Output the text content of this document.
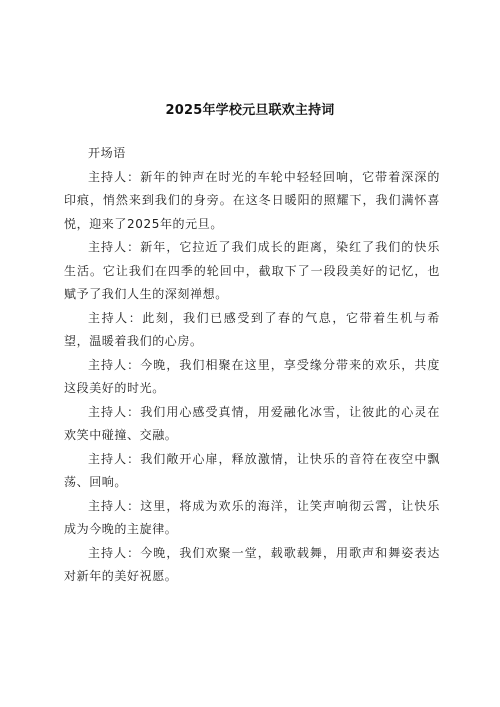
2025年学校元旦联欢主持词

开场语

主持人：新年的钟声在时光的车轮中轻轻回响，它带着深深的印痕，悄然来到我们的身旁。在这冬日暖阳的照耀下，我们满怀喜悦，迎来了2025年的元旦。

主持人：新年，它拉近了我们成长的距离，染红了我们的快乐生活。它让我们在四季的轮回中，截取下了一段段美好的记忆，也赋予了我们人生的深刻禅想。

主持人：此刻，我们已感受到了春的气息，它带着生机与希望，温暖着我们的心房。

主持人：今晚，我们相聚在这里，享受缘分带来的欢乐，共度这段美好的时光。

主持人：我们用心感受真情，用爱融化冰雪，让彼此的心灵在欢笑中碰撞、交融。

主持人：我们敞开心扉，释放激情，让快乐的音符在夜空中飘荡、回响。

主持人：这里，将成为欢乐的海洋，让笑声响彻云霄，让快乐成为今晚的主旋律。

主持人：今晚，我们欢聚一堂，载歌载舞，用歌声和舞姿表达对新年的美好祝愿。
